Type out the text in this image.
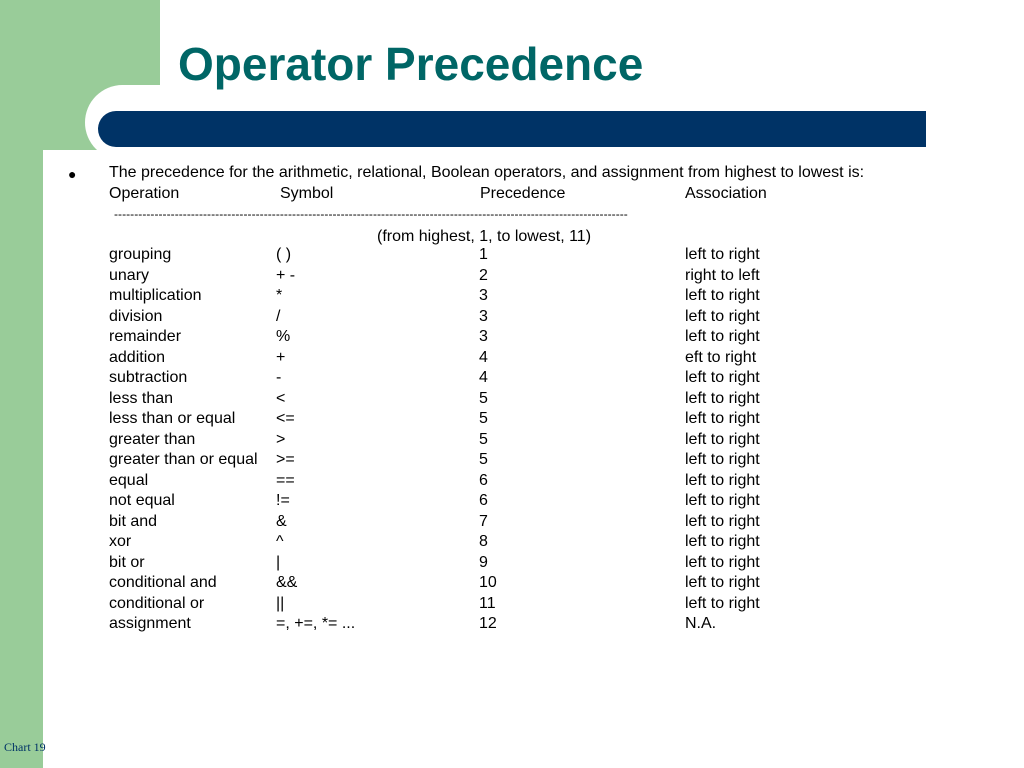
Operator Precedence
● The precedence for the arithmetic, relational, Boolean operators, and assignment from highest to lowest is:
Operation	Symbol	Precedence	Association
-------------------------------------------------------------------------------------------------------------------------------
(from highest, 1, to lowest, 11)
grouping	( )	1	left to right
unary	+ -	2	right to left
multiplication	*	3	left to right
division	/	3	left to right
remainder	%	3	left to right
addition	+	4	eft to right
subtraction	-	4	left to right
less than	<	5	left to right
less than or equal	<=	5	left to right
greater than	>	5	left to right
greater than or equal >=	5	left to right
equal	==	6	left to right
not equal	!=	6	left to right
bit and	&	7	left to right
xor	^	8	left to right
bit or	|	9	left to right
conditional and	&&	10	left to right
conditional or	||	11	left to right
assignment	=, +=, *= ...	12	N.A.
Chart 19
